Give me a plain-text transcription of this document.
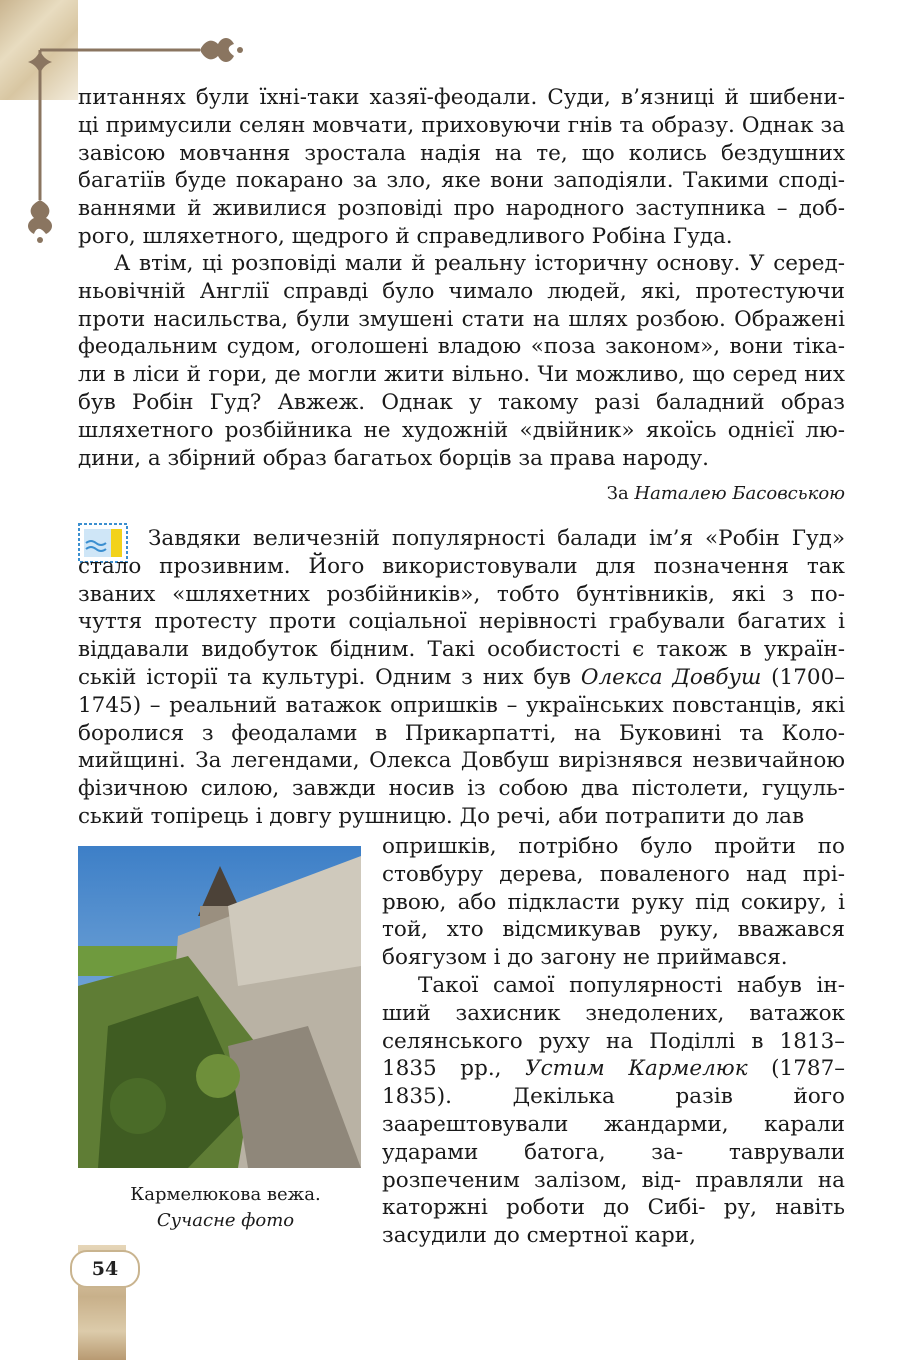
питаннях були їхні-таки хазяї-феодали. Суди, в’язниці й шибени- ці примусили селян мовчати, приховуючи гнів та образу. Однак за завісою мовчання зростала надія на те, що колись бездушних багатіїв буде покарано за зло, яке вони заподіяли. Такими споді- ваннями й живилися розповіді про народного заступника – доб- рого, шляхетного, щедрого й справедливого Робіна Гуда.

А втім, ці розповіді мали й реальну історичну основу. У серед- ньовічній Англії справді було чимало людей, які, протестуючи проти насильства, були змушені стати на шлях розбою. Ображені феодальним судом, оголошені владою «поза законом», вони тіка- ли в ліси й гори, де могли жити вільно. Чи можливо, що серед них був Робін Гуд? Авжеж. Однак у такому разі баладний образ шляхетного розбійника не художній «двійник» якоїсь однієї лю- дини, а збірний образ багатьох борців за права народу.

За Наталею Басовською

Завдяки величезній популярності балади ім’я «Робін Гуд» стало прозивним. Його використовували для позначення так званих «шляхетних розбійників», тобто бунтівників, які з по- чуття протесту проти соціальної нерівності грабували багатих і віддавали видобуток бідним. Такі особистості є також в україн- ській історії та культурі. Одним з них був Олекса Довбуш (1700– 1745) – реальний ватажок опришків – українських повстанців, які боролися з феодалами в Прикарпатті, на Буковині та Коло- мийщині. За легендами, Олекса Довбуш вирізнявся незвичайною фізичною силою, завжди носив із собою два пістолети, гуцуль- ський топірець і довгу рушницю. До речі, аби потрапити до лав

опришків, потрібно було пройти по стовбуру дерева, поваленого над прі- рвою, або підкласти руку під сокиру, і той, хто відсмикував руку, вважався боягузом і до загону не приймався.

Такої самої популярності набув ін- ший захисник знедолених, ватажок селянського руху на Поділлі в 1813– 1835 рр., Устим Кармелюк (1787–1835).	Декілька разів його заарештовували жандарми, карали ударами батога, за- таврували розпеченим залізом, від- правляли на каторжні роботи до Сибі- ру, навіть засудили до смертної кари,

Кармелюкова вежа.
Сучасне фото
54
